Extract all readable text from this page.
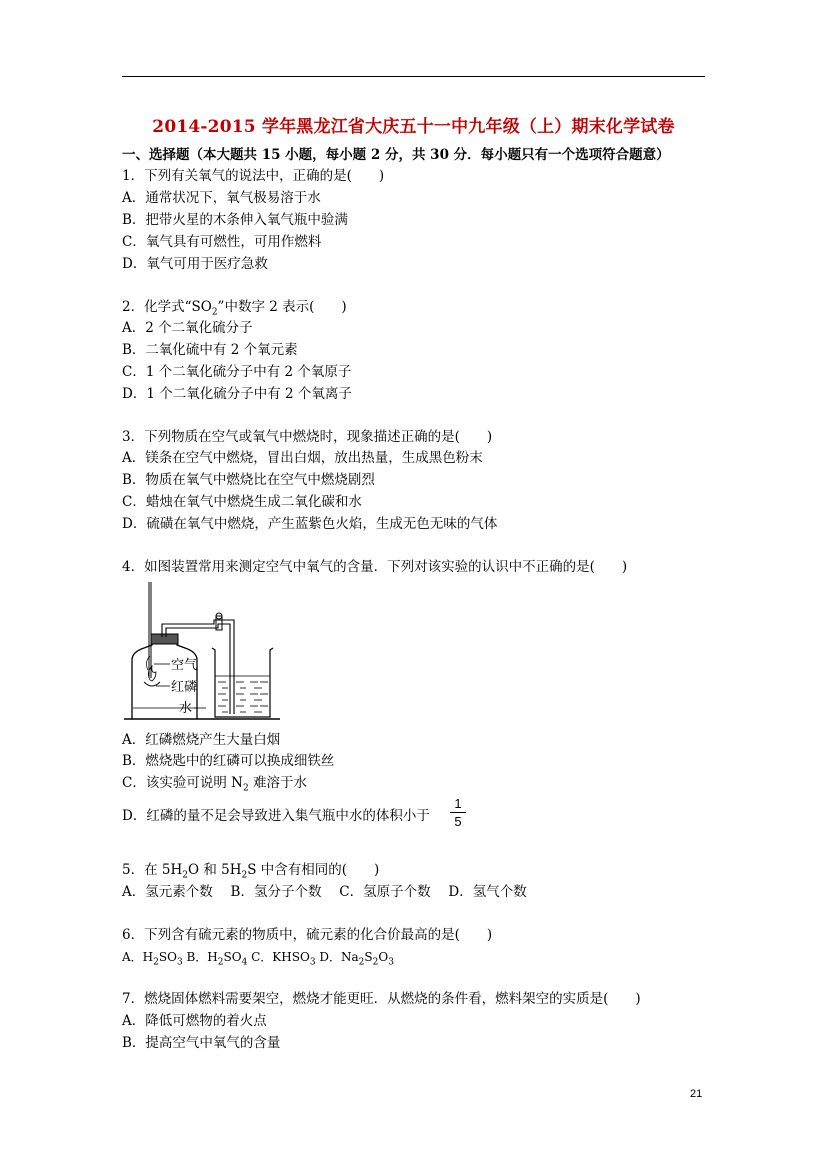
2014-2015 学年黑龙江省大庆五十一中九年级（上）期末化学试卷
一、选择题（本大题共 15 小题，每小题 2 分，共 30 分．每小题只有一个选项符合题意）
1．下列有关氧气的说法中，正确的是(　　)
A．通常状况下，氧气极易溶于水
B．把带火星的木条伸入氧气瓶中验满
C．氧气具有可燃性，可用作燃料
D．氧气可用于医疗急救
2．化学式“$SO_2$”中数字 2 表示(　　)
A．2 个二氧化硫分子
B．二氧化硫中有 2 个氧元素
C．1 个二氧化硫分子中有 2 个氧原子
D．1 个二氧化硫分子中有 2 个氧离子
3．下列物质在空气或氧气中燃烧时，现象描述正确的是(　　)
A．镁条在空气中燃烧，冒出白烟，放出热量，生成黑色粉末
B．物质在氧气中燃烧比在空气中燃烧剧烈
C．蜡烛在氧气中燃烧生成二氧化碳和水
D．硫磺在氧气中燃烧，产生蓝紫色火焰，生成无色无味的气体
4．如图装置常用来测定空气中氧气的含量．下列对该实验的认识中不正确的是(　　)
空气
红磷
水
A．红磷燃烧产生大量白烟
B．燃烧匙中的红磷可以换成细铁丝
C．该实验可说明 $N_2$ 难溶于水
D．红磷的量不足会导致进入集气瓶中水的体积小于
1
5
5．在 $5H_2O$ 和 $5H_2S$ 中含有相同的(　　)
A．氢元素个数　 B．氢分子个数　 C．氢原子个数　 D．氢气个数
6．下列含有硫元素的物质中，硫元素的化合价最高的是(　　)
A．$H_2SO_3$ B．$H_2SO_4$ C．$KHSO_3$ D．$Na_2S_2O_3$
7．燃烧固体燃料需要架空，燃烧才能更旺．从燃烧的条件看，燃料架空的实质是(　　)
A．降低可燃物的着火点
B．提高空气中氧气的含量
21
